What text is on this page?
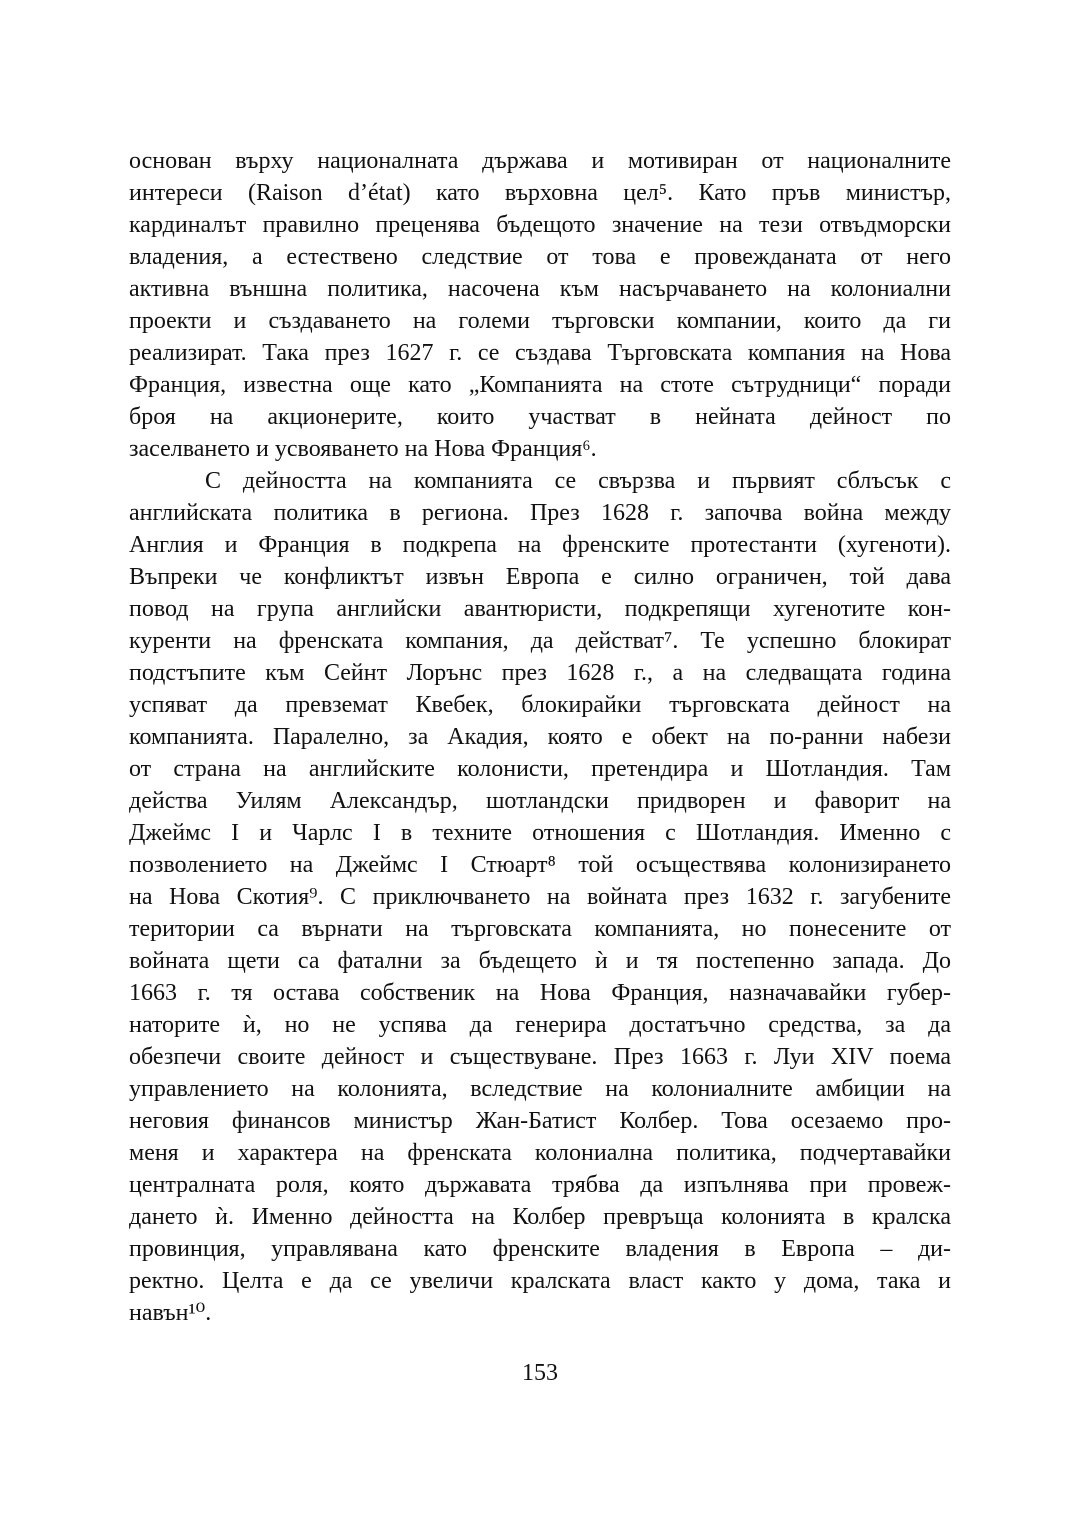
основан върху националната държава и мотивиран от националните
интереси (Raison d’état) като върховна цел⁵. Като пръв министър,
кардиналът правилно преценява бъдещото значение на тези отвъдморски
владения, а естествено следствие от това е провежданата от него
активна външна политика, насочена към насърчаването на колониални
проекти и създаването на големи търговски компании, които да ги
реализират. Така през 1627 г. се създава Търговската компания на Нова
Франция, известна още като „Компанията на стоте сътрудници“ поради
броя на акционерите, които участват в нейната дейност по
заселването и усвояването на Нова Франция⁶.
С дейността на компанията се свързва и първият сблъсък с
английската политика в региона. През 1628 г. започва война между
Англия и Франция в подкрепа на френските протестанти (хугеноти).
Въпреки че конфликтът извън Европа е силно ограничен, той дава
повод на група английски авантюристи, подкрепящи хугенотите кон-
куренти на френската компания, да действат⁷. Те успешно блокират
подстъпите към Сейнт Лорънс през 1628 г., а на следващата година
успяват да превземат Квебек, блокирайки търговската дейност на
компанията. Паралелно, за Акадия, която е обект на по-ранни набези
от страна на английските колонисти, претендира и Шотландия. Там
действа Уилям Александър, шотландски придворен и фаворит на
Джеймс I и Чарлс I в техните отношения с Шотландия. Именно с
позволението на Джеймс I Стюарт⁸ той осъществява колонизирането
на Нова Скотия⁹. С приключването на войната през 1632 г. загубените
територии са върнати на търговската компанията, но понесените от
войната щети са фатални за бъдещето ѝ и тя постепенно запада. До
1663 г. тя остава собственик на Нова Франция, назначавайки губер-
наторите ѝ, но не успява да генерира достатъчно средства, за да
обезпечи своите дейност и съществуване. През 1663 г. Луи XIV поема
управлението на колонията, вследствие на колониалните амбиции на
неговия финансов министър Жан-Батист Колбер. Това осезаемо про-
меня и характера на френската колониална политика, подчертавайки
централната роля, която държавата трябва да изпълнява при провеж-
дането ѝ. Именно дейността на Колбер превръща колонията в кралска
провинция, управлявана като френските владения в Европа – ди-
ректно. Целта е да се увеличи кралската власт както у дома, така и
навън¹⁰.
153
